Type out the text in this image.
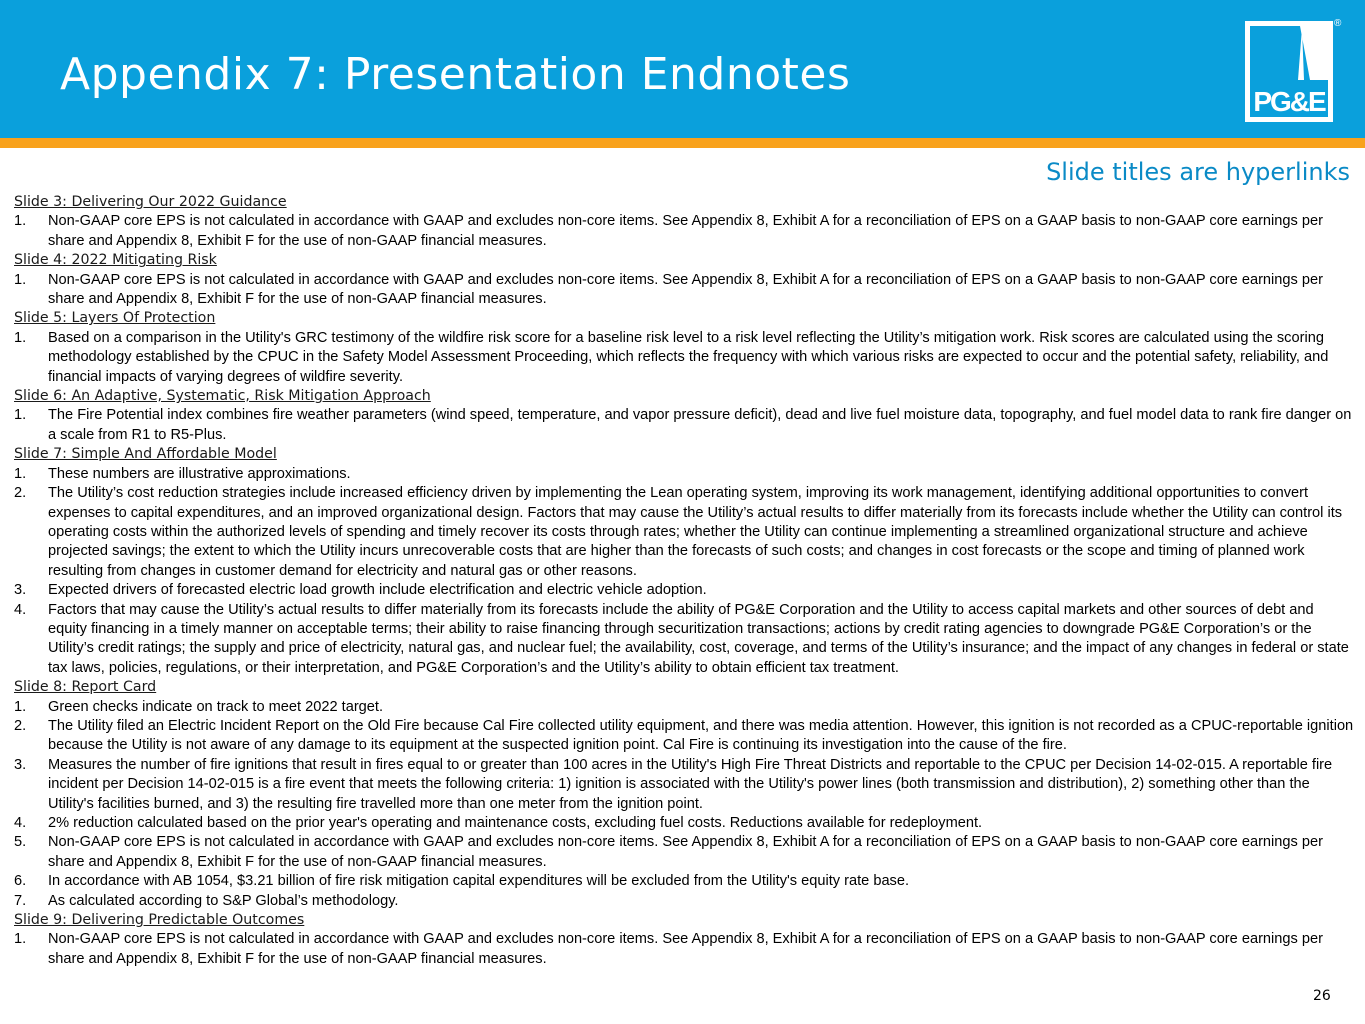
Appendix 7: Presentation Endnotes
PG&E
®
Slide titles are hyperlinks
Slide 3: Delivering Our 2022 Guidance
1. Non-GAAP core EPS is not calculated in accordance with GAAP and excludes non-core items. See Appendix 8, Exhibit A for a reconciliation of EPS on a GAAP basis to non-GAAP core earnings per share and Appendix 8, Exhibit F for the use of non-GAAP financial measures.
Slide 4: 2022 Mitigating Risk
1. Non-GAAP core EPS is not calculated in accordance with GAAP and excludes non-core items. See Appendix 8, Exhibit A for a reconciliation of EPS on a GAAP basis to non-GAAP core earnings per share and Appendix 8, Exhibit F for the use of non-GAAP financial measures.
Slide 5: Layers Of Protection
1. Based on a comparison in the Utility's GRC testimony of the wildfire risk score for a baseline risk level to a risk level reflecting the Utility’s mitigation work. Risk scores are calculated using the scoring methodology established by the CPUC in the Safety Model Assessment Proceeding, which reflects the frequency with which various risks are expected to occur and the potential safety, reliability, and financial impacts of varying degrees of wildfire severity.
Slide 6: An Adaptive, Systematic, Risk Mitigation Approach
1. The Fire Potential index combines fire weather parameters (wind speed, temperature, and vapor pressure deficit), dead and live fuel moisture data, topography, and fuel model data to rank fire danger on a scale from R1 to R5-Plus.
Slide 7: Simple And Affordable Model
1. These numbers are illustrative approximations.
2. The Utility’s cost reduction strategies include increased efficiency driven by implementing the Lean operating system, improving its work management, identifying additional opportunities to convert expenses to capital expenditures, and an improved organizational design. Factors that may cause the Utility’s actual results to differ materially from its forecasts include whether the Utility can control its operating costs within the authorized levels of spending and timely recover its costs through rates; whether the Utility can continue implementing a streamlined organizational structure and achieve projected savings; the extent to which the Utility incurs unrecoverable costs that are higher than the forecasts of such costs; and changes in cost forecasts or the scope and timing of planned work resulting from changes in customer demand for electricity and natural gas or other reasons.
3. Expected drivers of forecasted electric load growth include electrification and electric vehicle adoption.
4. Factors that may cause the Utility’s actual results to differ materially from its forecasts include the ability of PG&E Corporation and the Utility to access capital markets and other sources of debt and equity financing in a timely manner on acceptable terms; their ability to raise financing through securitization transactions; actions by credit rating agencies to downgrade PG&E Corporation’s or the Utility’s credit ratings; the supply and price of electricity, natural gas, and nuclear fuel; the availability, cost, coverage, and terms of the Utility’s insurance; and the impact of any changes in federal or state tax laws, policies, regulations, or their interpretation, and PG&E Corporation’s and the Utility’s ability to obtain efficient tax treatment.
Slide 8: Report Card
1. Green checks indicate on track to meet 2022 target.
2. The Utility filed an Electric Incident Report on the Old Fire because Cal Fire collected utility equipment, and there was media attention. However, this ignition is not recorded as a CPUC-reportable ignition because the Utility is not aware of any damage to its equipment at the suspected ignition point. Cal Fire is continuing its investigation into the cause of the fire.
3. Measures the number of fire ignitions that result in fires equal to or greater than 100 acres in the Utility's High Fire Threat Districts and reportable to the CPUC per Decision 14-02-015. A reportable fire incident per Decision 14-02-015 is a fire event that meets the following criteria: 1) ignition is associated with the Utility's power lines (both transmission and distribution), 2) something other than the Utility's facilities burned, and 3) the resulting fire travelled more than one meter from the ignition point.
4. 2% reduction calculated based on the prior year's operating and maintenance costs, excluding fuel costs. Reductions available for redeployment.
5. Non-GAAP core EPS is not calculated in accordance with GAAP and excludes non-core items. See Appendix 8, Exhibit A for a reconciliation of EPS on a GAAP basis to non-GAAP core earnings per share and Appendix 8, Exhibit F for the use of non-GAAP financial measures.
6. In accordance with AB 1054, $3.21 billion of fire risk mitigation capital expenditures will be excluded from the Utility's equity rate base.
7. As calculated according to S&P Global’s methodology.
Slide 9: Delivering Predictable Outcomes
1. Non-GAAP core EPS is not calculated in accordance with GAAP and excludes non-core items. See Appendix 8, Exhibit A for a reconciliation of EPS on a GAAP basis to non-GAAP core earnings per share and Appendix 8, Exhibit F for the use of non-GAAP financial measures.
26
